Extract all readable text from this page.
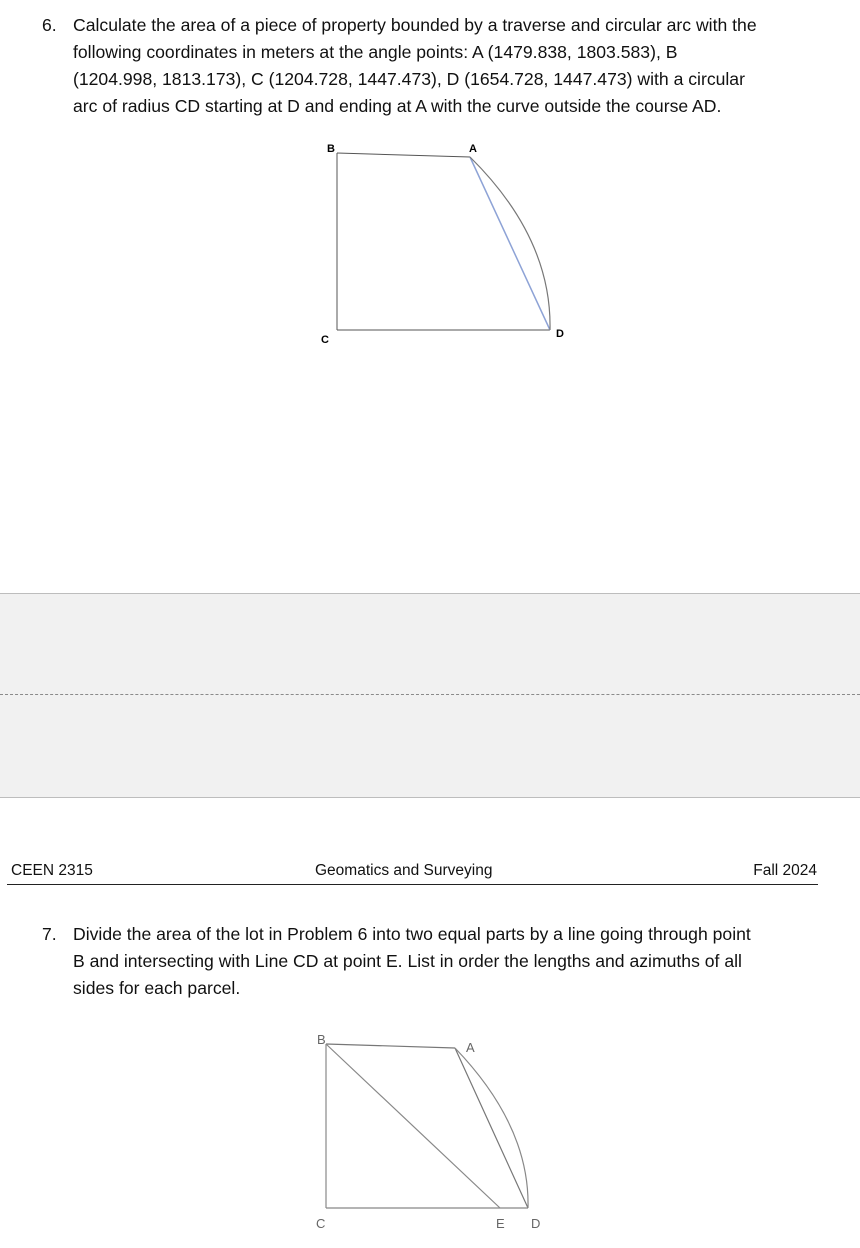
6. Calculate the area of a piece of property bounded by a traverse and circular arc with the
following coordinates in meters at the angle points: A (1479.838, 1803.583), B
(1204.998, 1813.173), C (1204.728, 1447.473), D (1654.728, 1447.473) with a circular
arc of radius CD starting at D and ending at A with the curve outside the course AD.
B	A
C	D
CEEN 2315	Geomatics and Surveying	Fall 2024
7. Divide the area of the lot in Problem 6 into two equal parts by a line going through point
B and intersecting with Line CD at point E. List in order the lengths and azimuths of all
sides for each parcel.
B
A
C	E D
